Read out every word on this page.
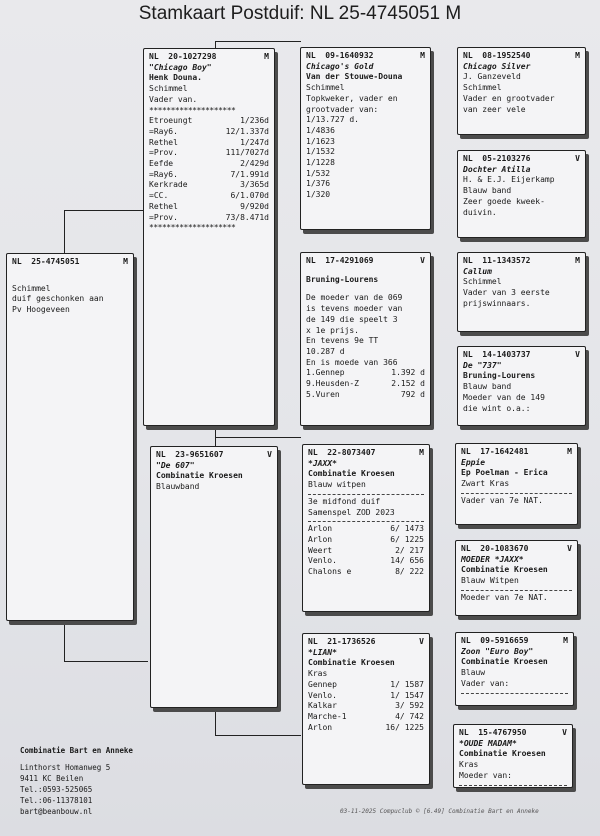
Stamkaart Postduif: NL 25-4745051 M
NL 25-4745051	M
Schimmel
duif geschonken aan
Pv Hoogeveen
NL 20-1027298	M
"Chicago Boy"
Henk Douna.
Schimmel
Vader van.
********************
Etroeungt	1/236d
=Ray6.	12/1.337d
Rethel	1/247d
=Prov.	111/7027d
Eefde	2/429d
=Ray6.	7/1.991d
Kerkrade	3/365d
=CC.	6/1.070d
Rethel	9/920d
=Prov.	73/8.471d
********************
NL 23-9651607	V
"De 607"
Combinatie Kroesen
Blauwband
NL 09-1640932	M
Chicago's Gold
Van der Stouwe-Douna
Schimmel
Topkweker, vader en
grootvader van:
1/13.727 d.
1/4836
1/1623
1/1532
1/1228
1/532
1/376
1/320
NL 17-4291069	V
Bruning-Lourens
De moeder van de 069
is tevens moeder van
de 149 die speelt 3
x 1e prijs.
En tevens 9e TT
10.287 d
En is moede van 366
1.Gennep	1.392 d
9.Heusden-Z	2.152 d
5.Vuren	792 d
NL 22-8073407	M
*JAXX*
Combinatie Kroesen
Blauw witpen
3e midfond duif
Samenspel ZOD 2023
Arlon	6/ 1473
Arlon	6/ 1225
Weert	2/ 217
Venlo.	14/ 656
Chalons e	8/ 222
NL 21-1736526	V
*LIAN*
Combinatie Kroesen
Kras
Gennep	1/ 1587
Venlo.	1/ 1547
Kalkar	3/ 592
Marche-1	4/ 742
Arlon	16/ 1225
NL 08-1952540	M
Chicago Silver
J. Ganzeveld
Schimmel
Vader en grootvader
van zeer vele
NL 05-2103276	V
Dochter Atilla
H. & E.J. Eijerkamp
Blauw band
Zeer goede kweek-
duivin.
NL 11-1343572	M
Callum
Schimmel
Vader van 3 eerste
prijswinnaars.
NL 14-1403737	V
De "737"
Bruning-Lourens
Blauw band
Moeder van de 149
die wint o.a.:
NL 17-1642481	M
Eppie
Ep Poelman - Erica
Zwart Kras
Vader van 7e NAT.
NL 20-1083670	V
MOEDER *JAXX*
Combinatie Kroesen
Blauw Witpen
Moeder van 7e NAT.
NL 09-5916659	M
Zoon "Euro Boy"
Combinatie Kroesen
Blauw
Vader van:
NL 15-4767950	V
*OUDE MADAM*
Combinatie Kroesen
Kras
Moeder van:
Combinatie Bart en Anneke
Linthorst Homanweg 5
9411 KC Beilen
Tel.:0593-525065
Tel.:06-11378101
bart@beanbouw.nl	03-11-2025 Compuclub © [6.49] Combinatie Bart en Anneke
